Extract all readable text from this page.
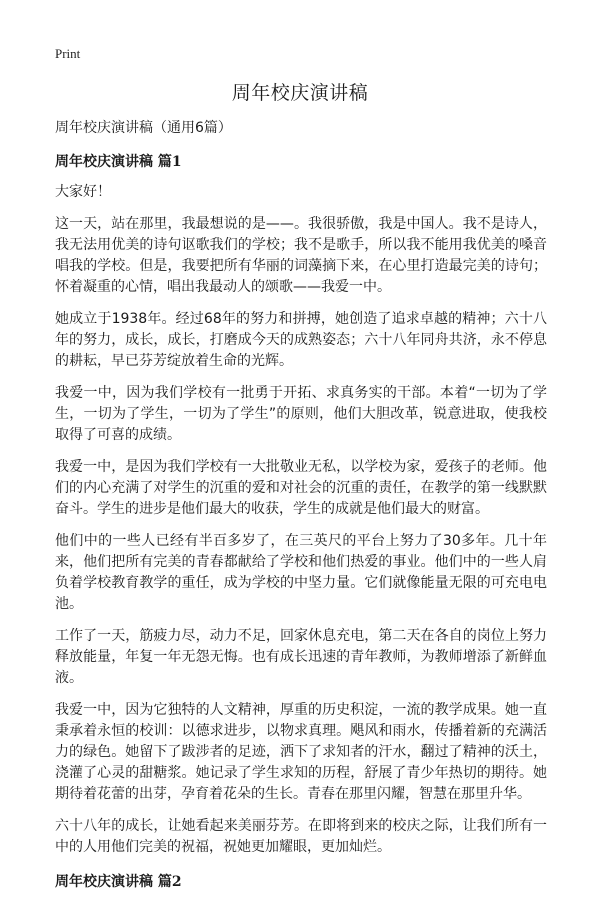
Print
周年校庆演讲稿

周年校庆演讲稿（通用6篇）

周年校庆演讲稿 篇1

大家好！

这一天，站在那里，我最想说的是——。我很骄傲，我是中国人。我不是诗人，我无法用优美的诗句讴歌我们的学校；我不是歌手，所以我不能用我优美的嗓音唱我的学校。但是，我要把所有华丽的词藻摘下来，在心里打造最完美的诗句；怀着凝重的心情，唱出我最动人的颂歌——我爱一中。

她成立于1938年。经过68年的努力和拼搏，她创造了追求卓越的精神；六十八年的努力，成长，成长，打磨成今天的成熟姿态；六十八年同舟共济，永不停息的耕耘，早已芬芳绽放着生命的光辉。

我爱一中，因为我们学校有一批勇于开拓、求真务实的干部。本着“一切为了学生，一切为了学生，一切为了学生”的原则，他们大胆改革，锐意进取，使我校取得了可喜的成绩。

我爱一中，是因为我们学校有一大批敬业无私，以学校为家，爱孩子的老师。他们的内心充满了对学生的沉重的爱和对社会的沉重的责任，在教学的第一线默默奋斗。学生的进步是他们最大的收获，学生的成就是他们最大的财富。

他们中的一些人已经有半百多岁了，在三英尺的平台上努力了30多年。几十年来，他们把所有完美的青春都献给了学校和他们热爱的事业。他们中的一些人肩负着学校教育教学的重任，成为学校的中坚力量。它们就像能量无限的可充电电池。

工作了一天，筋疲力尽，动力不足，回家休息充电，第二天在各自的岗位上努力释放能量，年复一年无怨无悔。也有成长迅速的青年教师，为教师增添了新鲜血液。

我爱一中，因为它独特的人文精神，厚重的历史积淀，一流的教学成果。她一直秉承着永恒的校训：以德求进步，以物求真理。飓风和雨水，传播着新的充满活力的绿色。她留下了跋涉者的足迹，洒下了求知者的汗水，翻过了精神的沃土，浇灌了心灵的甜糖浆。她记录了学生求知的历程，舒展了青少年热切的期待。她期待着花蕾的出芽，孕育着花朵的生长。青春在那里闪耀，智慧在那里升华。

六十八年的成长，让她看起来美丽芬芳。在即将到来的校庆之际，让我们所有一中的人用他们完美的祝福，祝她更加耀眼，更加灿烂。

周年校庆演讲稿 篇2
